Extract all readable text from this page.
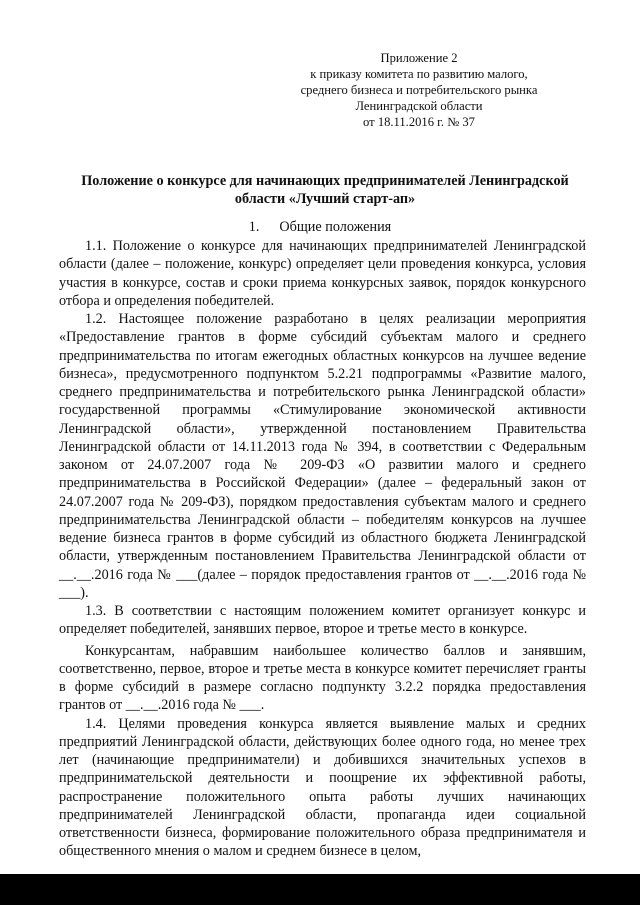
Приложение 2
к приказу комитета по развитию малого,
среднего бизнеса и потребительского рынка
Ленинградской области
от 18.11.2016 г. № 37
Положение о конкурсе для начинающих предпринимателей Ленинградской области «Лучший старт-ап»
1. Общие положения

1.1. Положение о конкурсе для начинающих предпринимателей Ленинградской области (далее – положение, конкурс) определяет цели проведения конкурса, условия участия в конкурсе, состав и сроки приема конкурсных заявок, порядок конкурсного отбора и определения победителей.

1.2. Настоящее положение разработано в целях реализации мероприятия «Предоставление грантов в форме субсидий субъектам малого и среднего предпринимательства по итогам ежегодных областных конкурсов на лучшее ведение бизнеса», предусмотренного подпунктом 5.2.21 подпрограммы «Развитие малого, среднего предпринимательства и потребительского рынка Ленинградской области» государственной программы «Стимулирование экономической активности Ленинградской области», утвержденной постановлением Правительства Ленинградской области от 14.11.2013 года № 394, в соответствии с Федеральным законом от 24.07.2007 года № 209-ФЗ «О развитии малого и среднего предпринимательства в Российской Федерации» (далее – федеральный закон от 24.07.2007 года № 209-ФЗ), порядком предоставления субъектам малого и среднего предпринимательства Ленинградской области – победителям конкурсов на лучшее ведение бизнеса грантов в форме субсидий из областного бюджета Ленинградской области, утвержденным постановлением Правительства Ленинградской области от __.__.2016 года № ___(далее – порядок предоставления грантов от __.__.2016 года № ___).

1.3. В соответствии с настоящим положением комитет организует конкурс и определяет победителей, занявших первое, второе и третье место в конкурсе.

Конкурсантам, набравшим наибольшее количество баллов и занявшим, соответственно, первое, второе и третье места в конкурсе комитет перечисляет гранты в форме субсидий в размере согласно подпункту 3.2.2 порядка предоставления грантов от __.__.2016 года № ___.

1.4. Целями проведения конкурса является выявление малых и средних предприятий Ленинградской области, действующих более одного года, но менее трех лет (начинающие предприниматели) и добившихся значительных успехов в предпринимательской деятельности и поощрение их эффективной работы, распространение положительного опыта работы лучших начинающих предпринимателей Ленинградской области, пропаганда идеи социальной ответственности бизнеса, формирование положительного образа предпринимателя и общественного мнения о малом и среднем бизнесе в целом,
